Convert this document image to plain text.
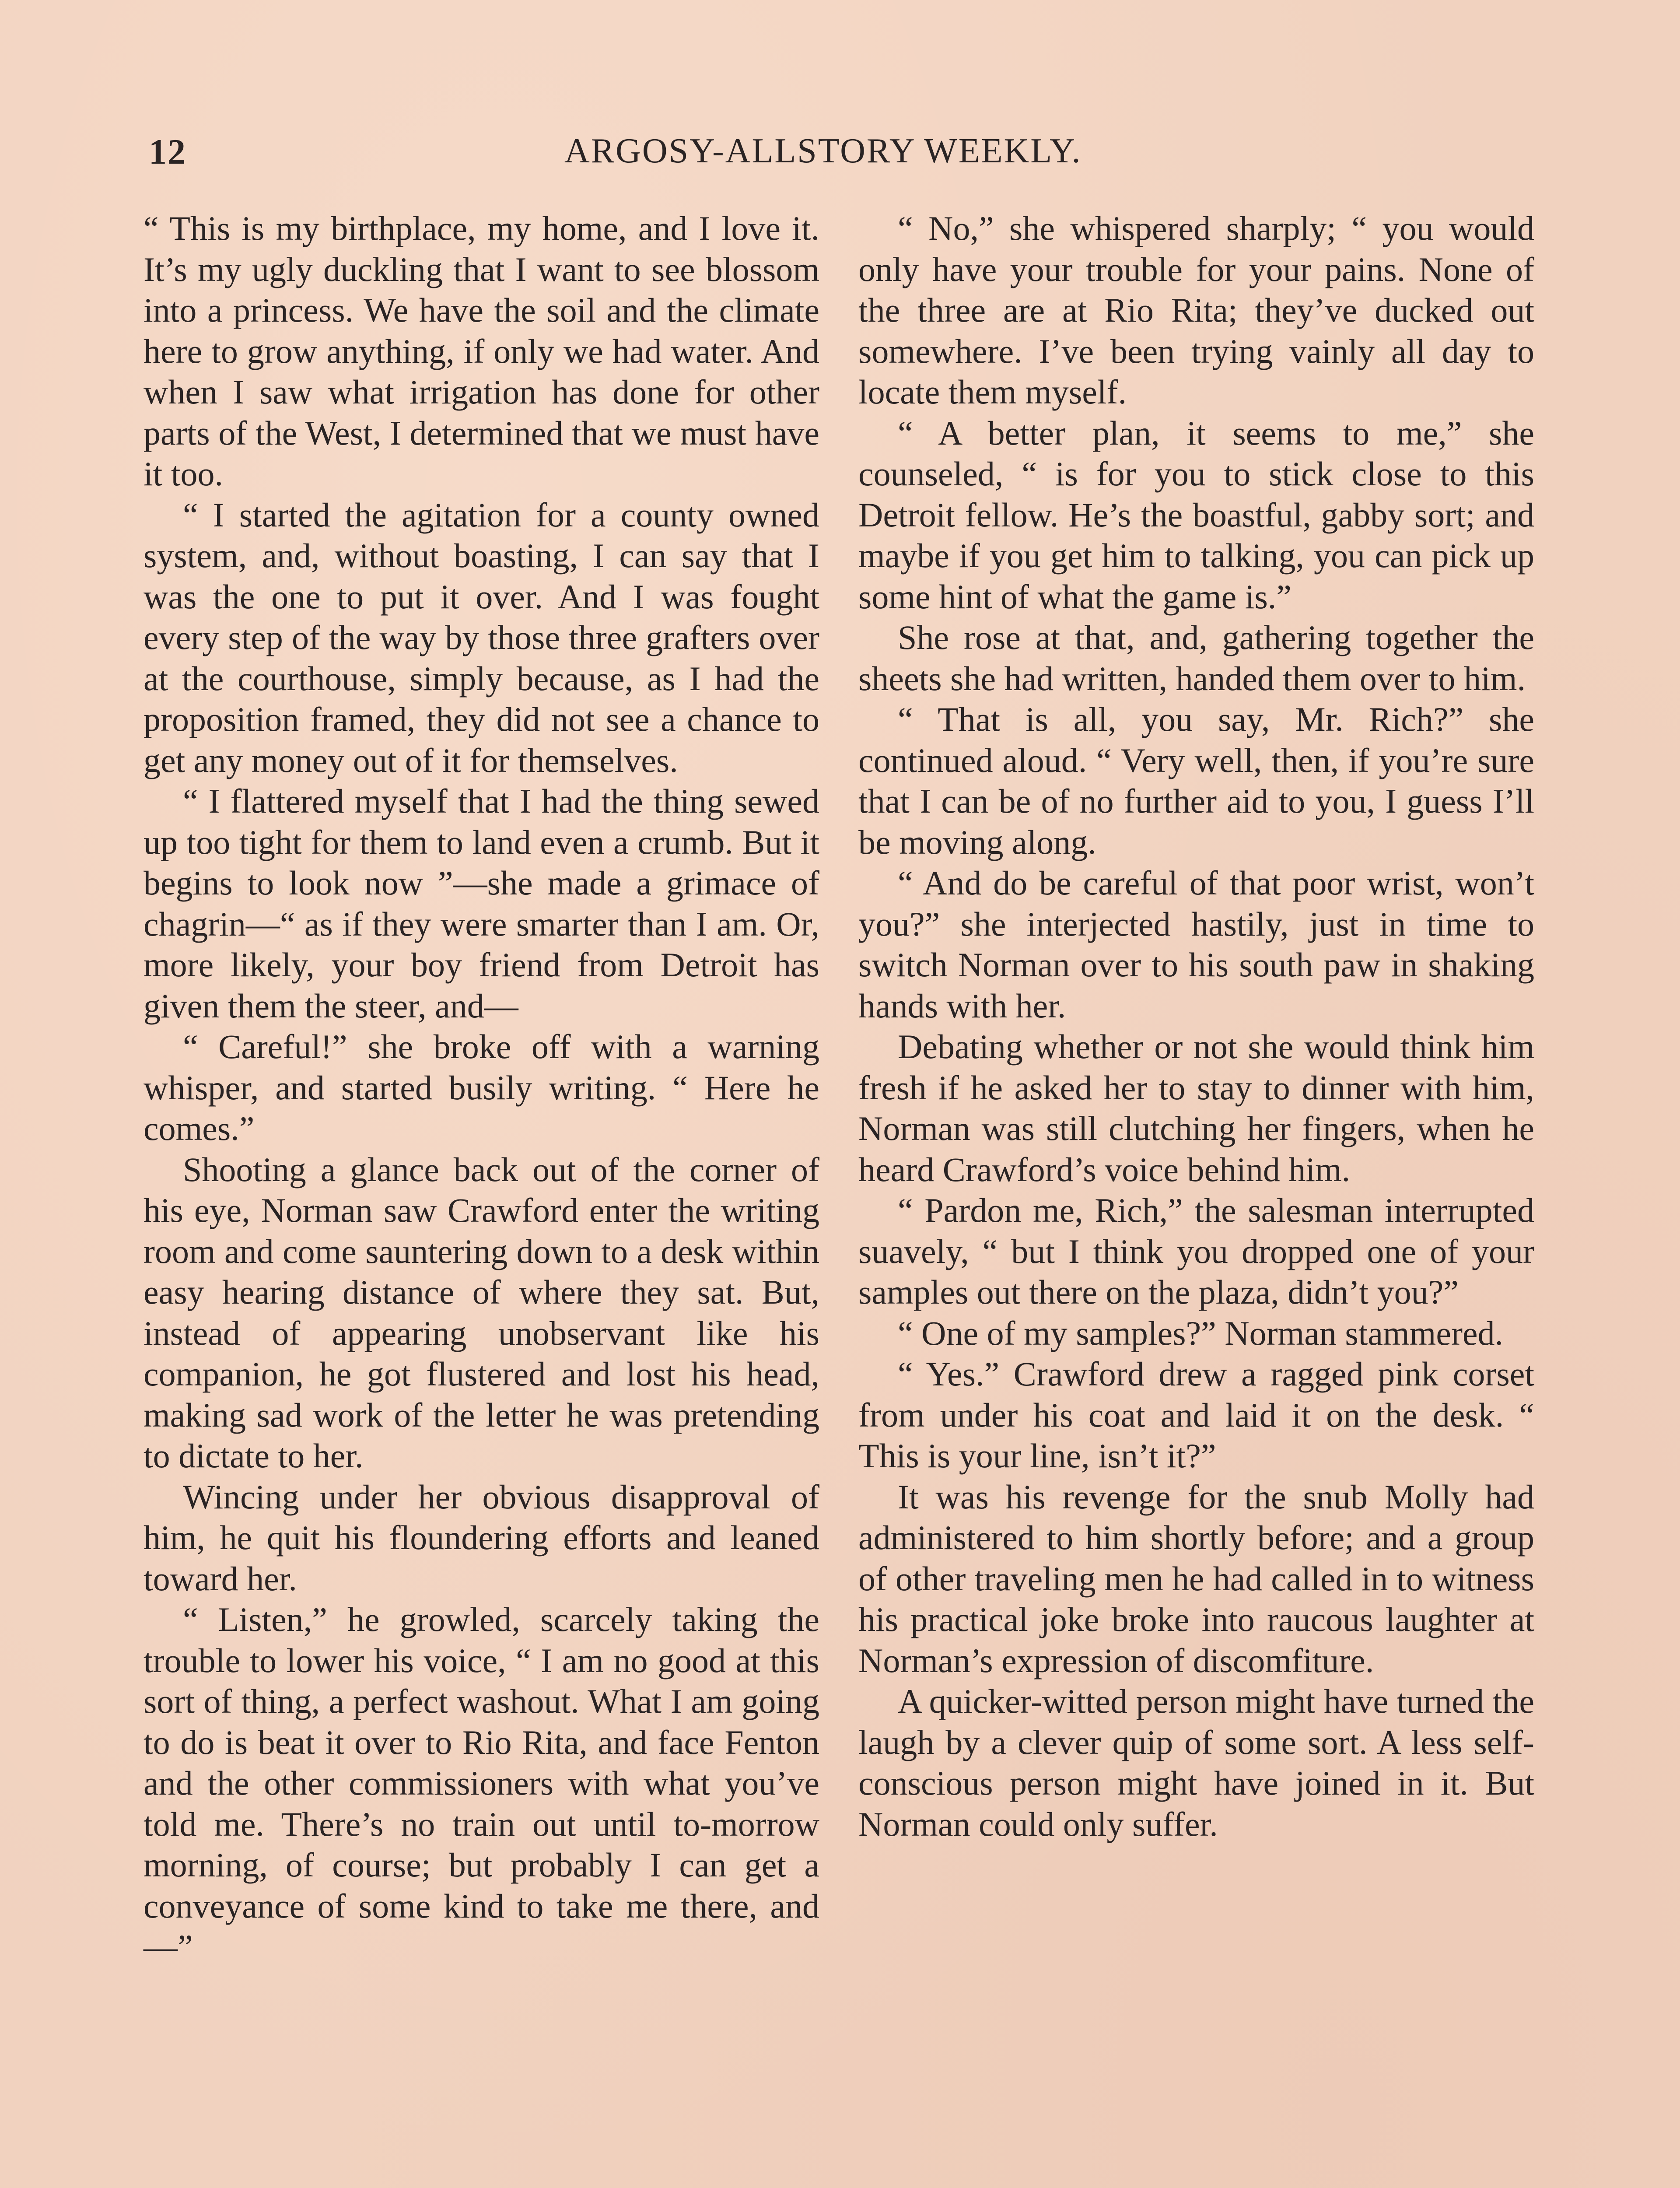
12	ARGOSY-ALLSTORY WEEKLY.

“ This is my birthplace, my home, and I love it. It’s my ugly duckling that I want to see blossom into a princess. We have the soil and the climate here to grow anything, if only we had water. And when I saw what irrigation has done for other parts of the West, I determined that we must have it too.

“ I started the agitation for a county owned system, and, without boasting, I can say that I was the one to put it over. And I was fought every step of the way by those three grafters over at the courthouse, simply because, as I had the proposition framed, they did not see a chance to get any money out of it for themselves.

“ I flattered myself that I had the thing sewed up too tight for them to land even a crumb. But it begins to look now ”—she made a grimace of chagrin—“ as if they were smarter than I am. Or, more likely, your boy friend from Detroit has given them the steer, and—

“ Careful!” she broke off with a warning whisper, and started busily writing. “ Here he comes.”

Shooting a glance back out of the corner of his eye, Norman saw Crawford enter the writing room and come sauntering down to a desk within easy hearing distance of where they sat. But, instead of appearing unobservant like his companion, he got flustered and lost his head, making sad work of the letter he was pretending to dictate to her.

Wincing under her obvious disapproval of him, he quit his floundering efforts and leaned toward her.

“ Listen,” he growled, scarcely taking the trouble to lower his voice, “ I am no good at this sort of thing, a perfect washout. What I am going to do is beat it over to Rio Rita, and face Fenton and the other commissioners with what you’ve told me. There’s no train out until to-morrow morning, of course; but probably I can get a conveyance of some kind to take me there, and—”

“ No,” she whispered sharply; “ you would only have your trouble for your pains. None of the three are at Rio Rita; they’ve ducked out somewhere. I’ve been trying vainly all day to locate them myself.

“ A better plan, it seems to me,” she counseled, “ is for you to stick close to this Detroit fellow. He’s the boastful, gabby sort; and maybe if you get him to talking, you can pick up some hint of what the game is.”

She rose at that, and, gathering together the sheets she had written, handed them over to him.

“ That is all, you say, Mr. Rich?” she continued aloud. “ Very well, then, if you’re sure that I can be of no further aid to you, I guess I’ll be moving along.

“ And do be careful of that poor wrist, won’t you?” she interjected hastily, just in time to switch Norman over to his south paw in shaking hands with her.

Debating whether or not she would think him fresh if he asked her to stay to dinner with him, Norman was still clutching her fingers, when he heard Crawford’s voice behind him.

“ Pardon me, Rich,” the salesman interrupted suavely, “ but I think you dropped one of your samples out there on the plaza, didn’t you?”

“ One of my samples?” Norman stammered.

“ Yes.” Crawford drew a ragged pink corset from under his coat and laid it on the desk. “ This is your line, isn’t it?”

It was his revenge for the snub Molly had administered to him shortly before; and a group of other traveling men he had called in to witness his practical joke broke into raucous laughter at Norman’s expression of discomfiture.

A quicker-witted person might have turned the laugh by a clever quip of some sort. A less self-conscious person might have joined in it. But Norman could only suffer.
